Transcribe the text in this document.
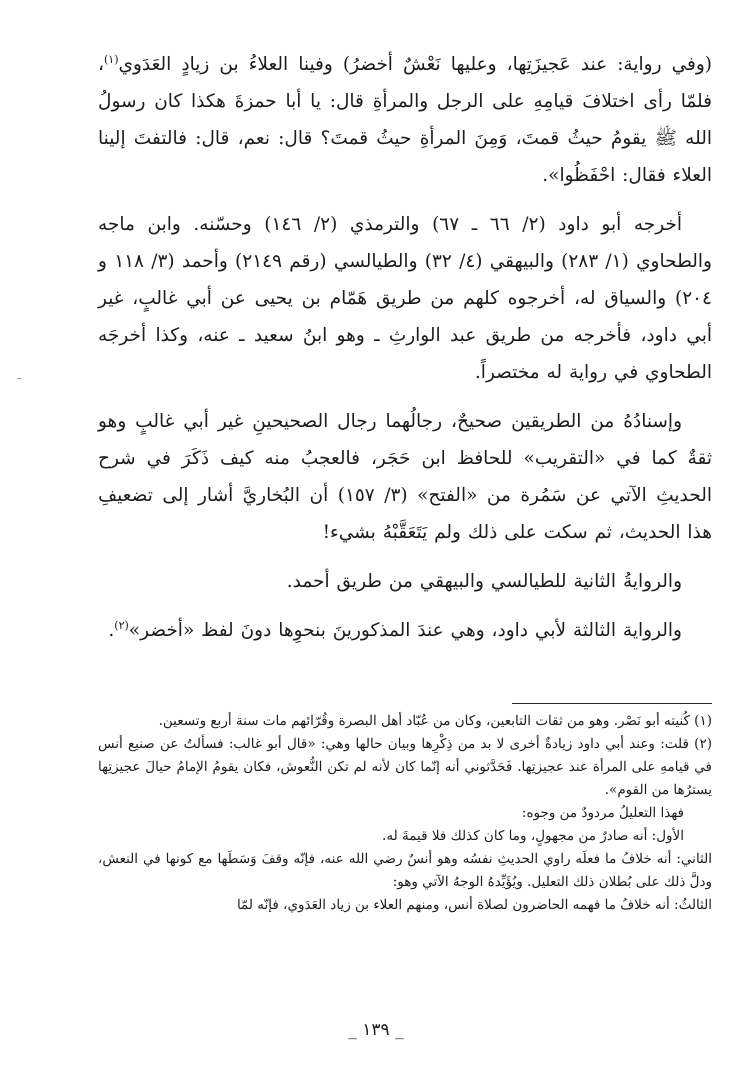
(وفي رواية: عند عَجيزَتِها، وعليها نَعْشٌ أخضرُ) وفينا العلاءُ بن زيادٍ العَدَوي$^{(١)}$، فلمّا رأى اختلافَ قيامِهِ على الرجل والمرأةِ قال: يا أبا حمزةَ هكذا كان رسولُ الله ﷺ يقومُ حيثُ قمتَ، وَمِنَ المرأةِ حيثُ قمتَ؟ قال: نعم، قال: فالتفتَ إلينا العلاء فقال: احْفَظُوا».

أخرجه أبو داود (٢/ ٦٦ ـ ٦٧) والترمذي (٢/ ١٤٦) وحسّنه. وابن ماجه والطحاوي (١/ ٢٨٣) والبيهقي (٤/ ٣٢) والطيالسي (رقم ٢١٤٩) وأحمد (٣/ ١١٨ و ٢٠٤) والسياق له، أخرجوه كلهم من طريق هَمّام بن يحيى عن أبي غالبٍ، غير أبي داود، فأخرجه من طريق عبد الوارثِ ـ وهو ابنُ سعيد ـ عنه، وكذا أخرجَه الطحاوي في رواية له مختصراً.

وإسنادُهُ من الطريقين صحيحٌ، رجالُهما رجال الصحيحينِ غير أبي غالبٍ وهو ثقةٌ كما في «التقريب» للحافظ ابن حَجَر، فالعجبُ منه كيف ذَكَرَ في شرح الحديثِ الآتي عن سَمُرة من «الفتح» (٣/ ١٥٧) أن البُخاريَّ أشار إلى تضعيفِ هذا الحديث، ثم سكت على ذلك ولم يَتَعَقَّبْهُ بشيء!

والروايةُ الثانية للطيالسي والبيهقي من طريق أحمد.

والرواية الثالثة لأبي داود، وهي عندَ المذكورينَ بنحوِها دونَ لفظ «أخضر»$^{(٢)}$.

(١) كُنيته أبو نَصْر. وهو من ثقات التابعين، وكان من عُبّاد أهل البصرة وقُرّائهم مات سنة أربع وتسعين.

(٢) قلت: وعند أبي داود زيادةٌ أخرى لا بد من ذِكْرِها وبيان حالها وهي: «قال أبو غالب: فسألتُ عن صنيع أنس في قيامهِ على المرأة عند عجيزتِها. فَحَدَّثوني أنه إنّما كان لأنه لم تكن النُّعوش، فكان يقومُ الإمامُ حيالَ عجيزتِها يسترُها من القوم».

فهذا التعليلُ مردودٌ من وجوه:

الأول: أنه صادرٌ من مجهولٍ، وما كان كذلك فلا قيمةَ له.

الثاني: أنه خلافُ ما فعلَه راوي الحديثِ نفسُه وهو أنسٌ رضي الله عنه، فإنّه وقفَ وَسَطَها مع كونها في النعش، ودلَّ ذلك على بُطلان ذلك التعليل. ويُؤَيِّدهُ الوجهُ الآتي وهو:

الثالثُ: أنه خلافُ ما فهمه الحاضرون لصلاة أنس، ومنهم العلاء بن زياد العَدَوي، فإنّه لمّا

_ ١٣٩ _
